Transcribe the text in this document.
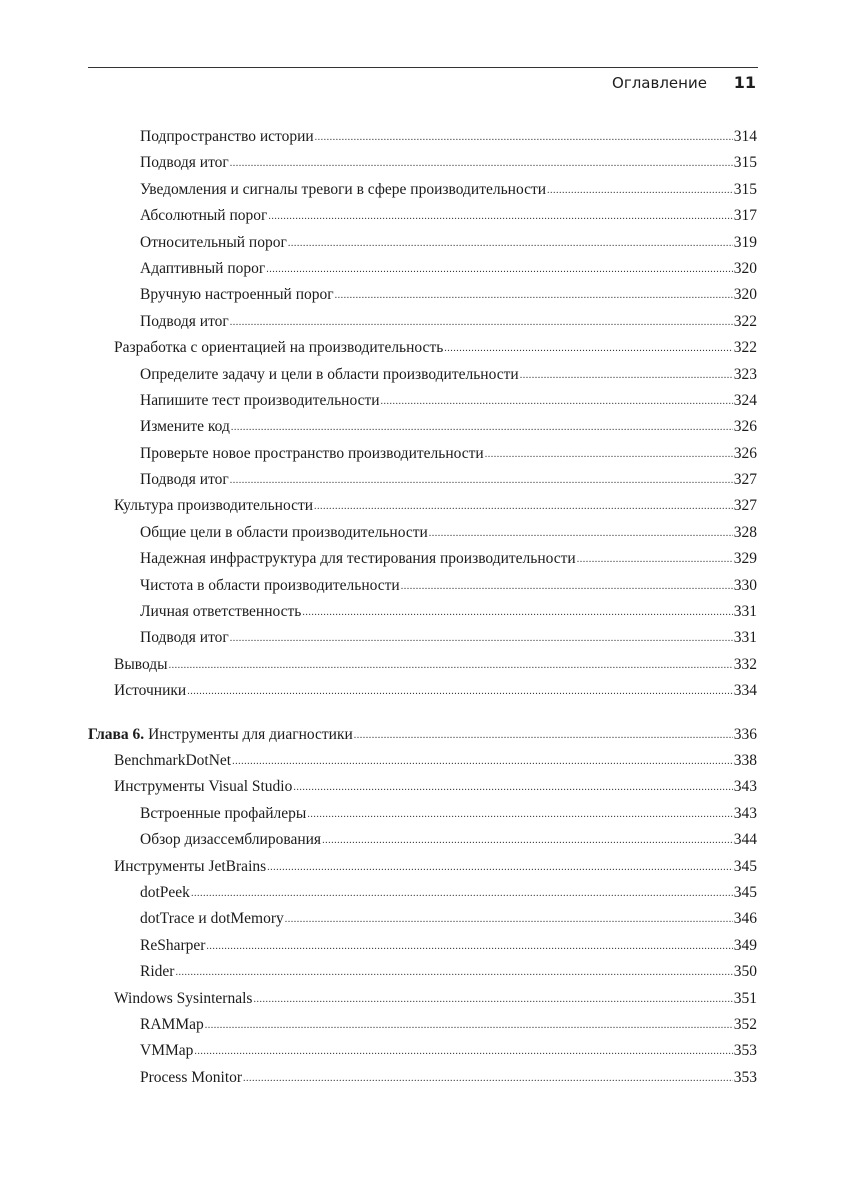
Оглавление 11
Подпространство истории .....	314
Подводя итог .....	315
Уведомления и сигналы тревоги в сфере производительности .....	315
Абсолютный порог .....	317
Относительный порог .....	319
Адаптивный порог .....	320
Вручную настроенный порог .....	320
Подводя итог .....	322
Разработка с ориентацией на производительность .....	322
Определите задачу и цели в области производительности .....	323
Напишите тест производительности .....	324
Измените код .....	326
Проверьте новое пространство производительности .....	326
Подводя итог .....	327
Культура производительности .....	327
Общие цели в области производительности .....	328
Надежная инфраструктура для тестирования производительности .....	329
Чистота в области производительности .....	330
Личная ответственность .....	331
Подводя итог .....	331
Выводы .....	332
Источники .....	334
Глава 6. Инструменты для диагностики .....	336
BenchmarkDotNet .....	338
Инструменты Visual Studio .....	343
Встроенные профайлеры .....	343
Обзор дизассемблирования .....	344
Инструменты JetBrains .....	345
dotPeek .....	345
dotTrace и dotMemory .....	346
ReSharper .....	349
Rider .....	350
Windows Sysinternals .....	351
RAMMap .....	352
VMMap .....	353
Process Monitor .....	353
